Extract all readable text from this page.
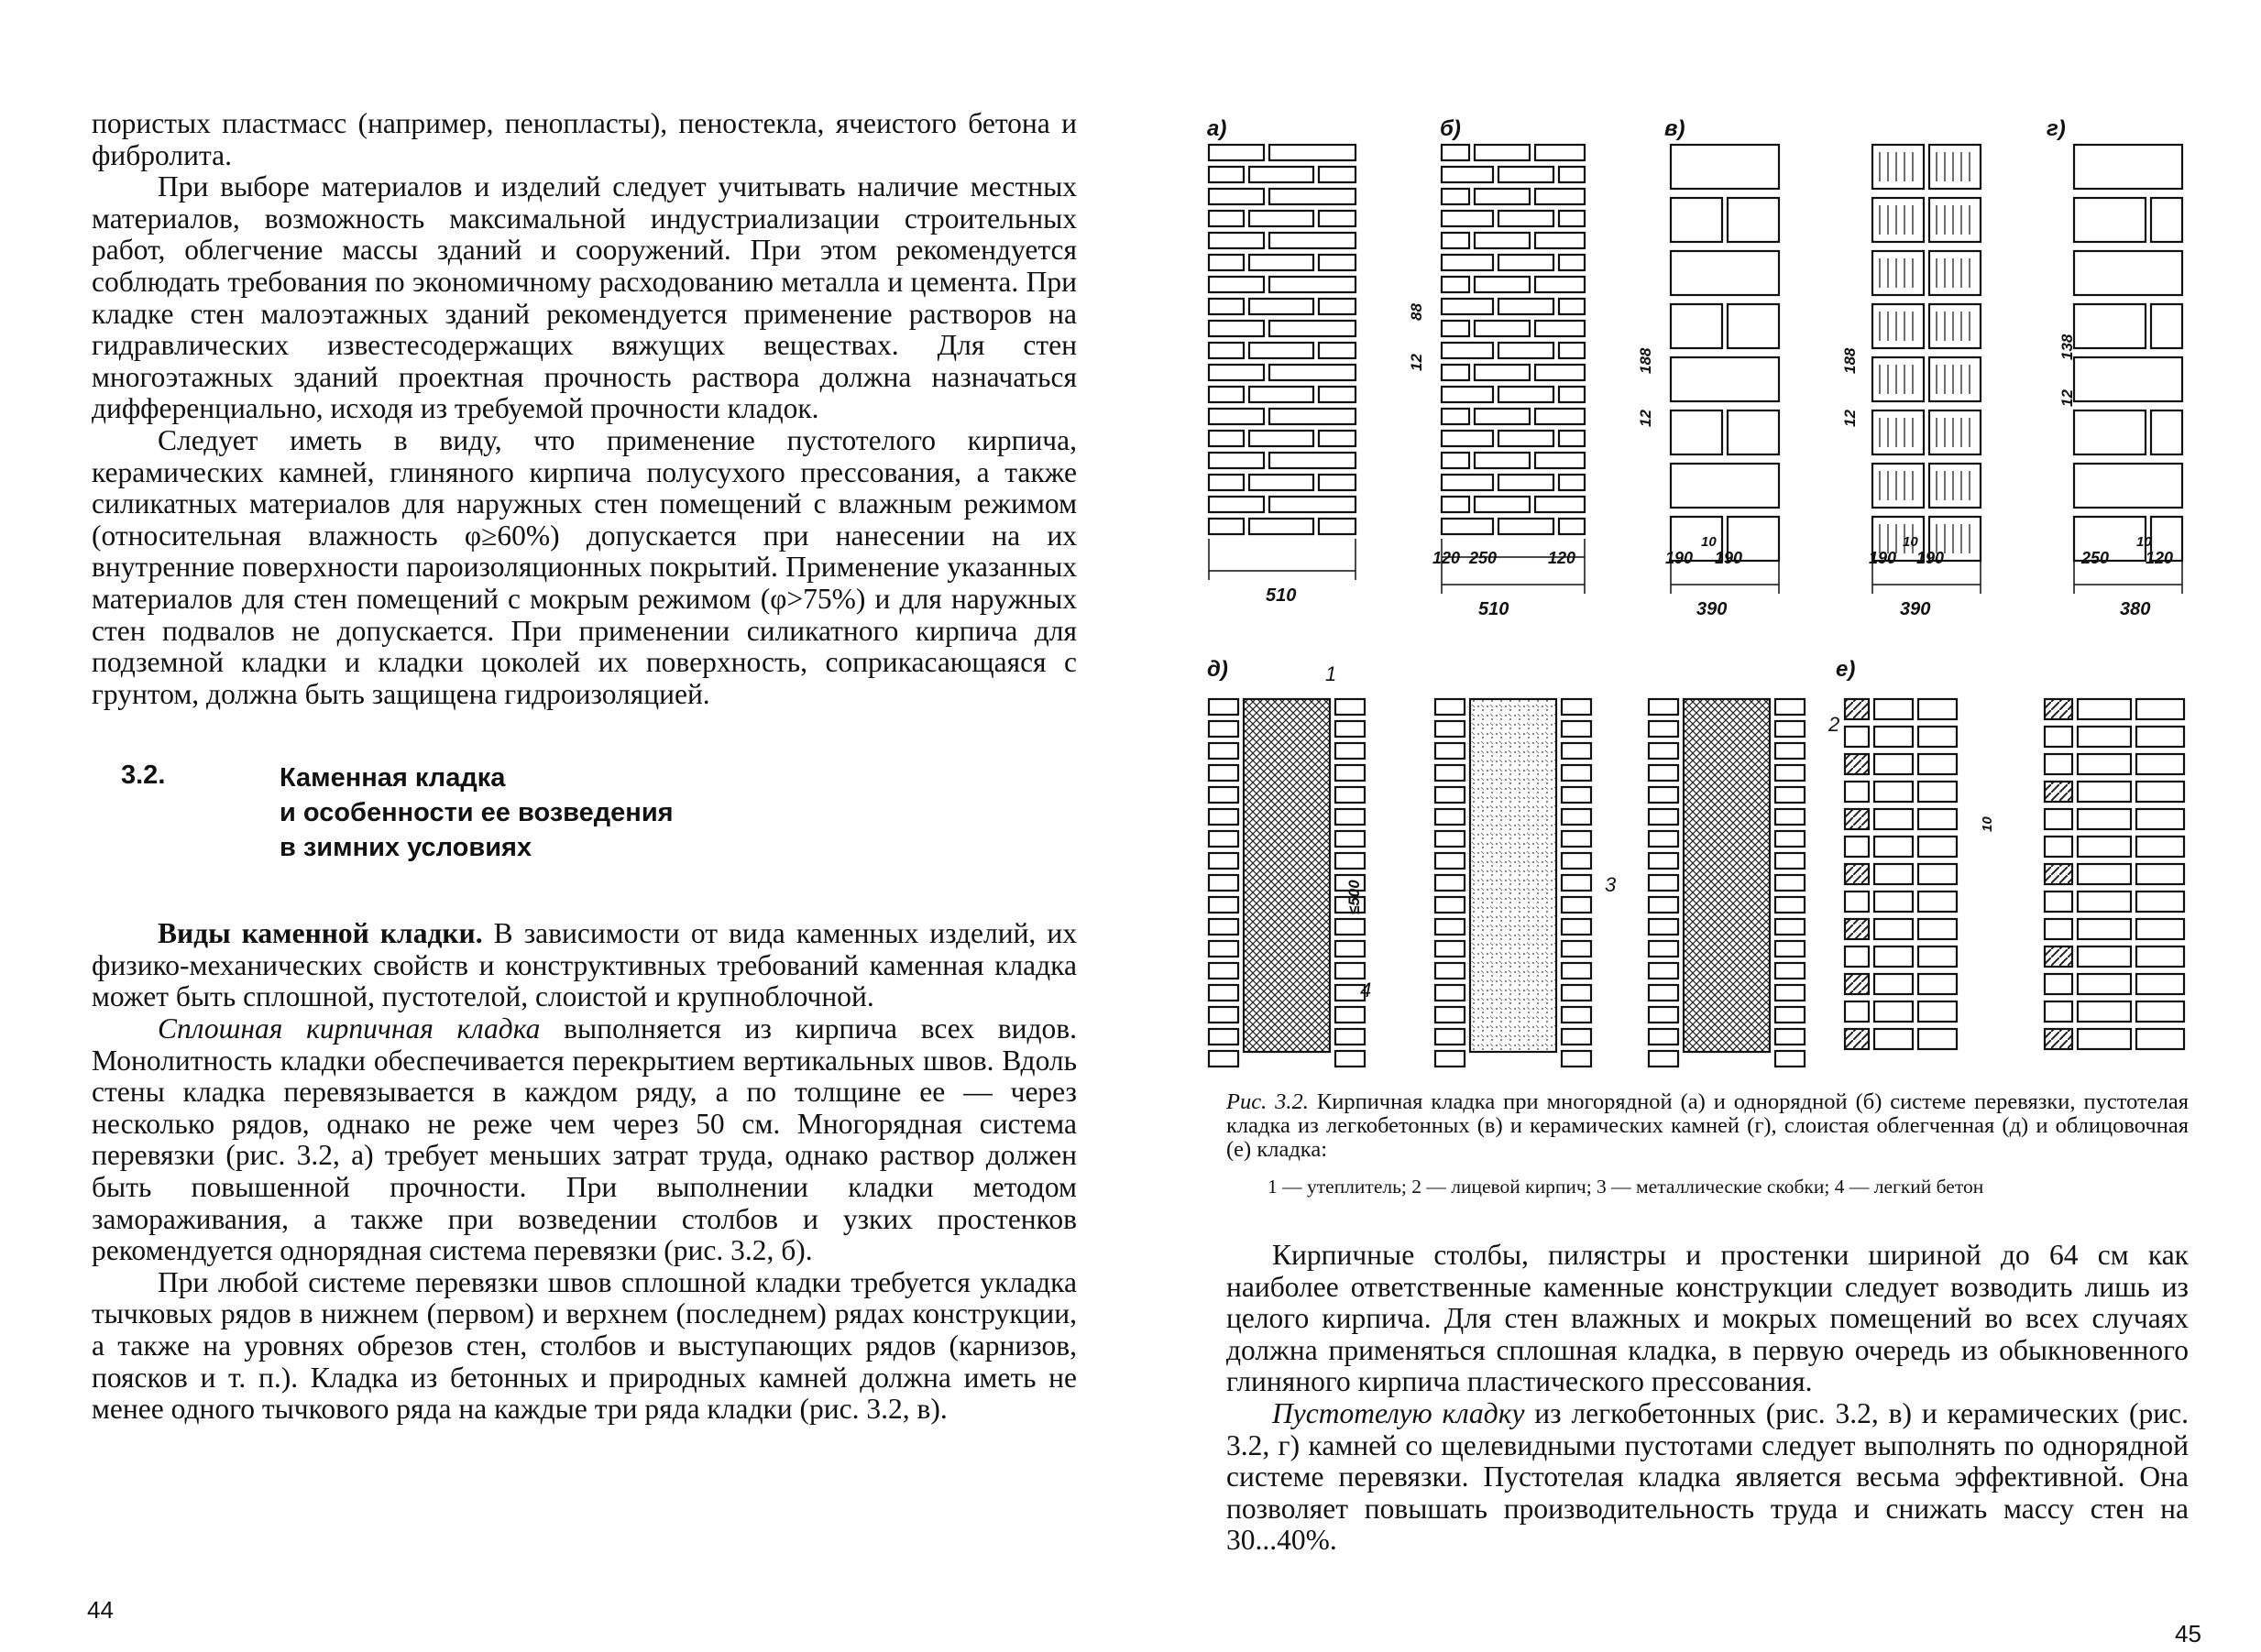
пористых пластмасс (например, пенопласты), пеностекла, ячеистого бетона и фибролита.

При выборе материалов и изделий следует учитывать наличие местных материалов, возможность максимальной индустриализации строительных работ, облегчение массы зданий и сооружений. При этом рекомендуется соблюдать требования по экономичному расходованию металла и цемента. При кладке стен малоэтажных зданий рекомендуется применение растворов на гидравлических известесодержащих вяжущих веществах. Для стен многоэтажных зданий проектная прочность раствора должна назначаться дифференциально, исходя из требуемой прочности кладок.

Следует иметь в виду, что применение пустотелого кирпича, керамических камней, глиняного кирпича полусухого прессования, а также силикатных материалов для наружных стен помещений с влажным режимом (относительная влажность φ≥60%) допускается при нанесении на их внутренние поверхности пароизоляционных покрытий. Применение указанных материалов для стен помещений с мокрым режимом (φ>75%) и для наружных стен подвалов не допускается. При применении силикатного кирпича для подземной кладки и кладки цоколей их поверхность, соприкасающаяся с грунтом, должна быть защищена гидроизоляцией.

3.2.	Каменная кладка
и особенности ее возведения
в зимних условиях

Виды каменной кладки. В зависимости от вида каменных изделий, их физико-механических свойств и конструктивных требований каменная кладка может быть сплошной, пустотелой, слоистой и крупноблочной.

Сплошная кирпичная кладка выполняется из кирпича всех видов. Монолитность кладки обеспечивается перекрытием вертикальных швов. Вдоль стены кладка перевязывается в каждом ряду, а по толщине ее — через несколько рядов, однако не реже чем через 50 см. Многорядная система перевязки (рис. 3.2, а) требует меньших затрат труда, однако раствор должен быть повышенной прочности. При выполнении кладки методом замораживания, а также при возведении столбов и узких простенков рекомендуется однорядная система перевязки (рис. 3.2, б).

При любой системе перевязки швов сплошной кладки требуется укладка тычковых рядов в нижнем (первом) и верхнем (последнем) рядах конструкции, а также на уровнях обрезов стен, столбов и выступающих рядов (карнизов, поясков и т. п.). Кладка из бетонных и природных камней должна иметь не менее одного тычкового ряда на каждые три ряда кладки (рис. 3.2, в).

44
а)	б)	в)	г)
д)	е)
510
120 250	120
510
190
10
190
390
190
10
190
390
250
10
120
380
88
12	188
12
188
12
138
12
≤500
10
1
2
3
4
Рис. 3.2. Кирпичная кладка при многорядной (а) и однорядной (б) системе перевязки, пустотелая кладка из легкобетонных (в) и керамических камней (г), слоистая облегченная (д) и облицовочная (е) кладка:
1 — утеплитель; 2 — лицевой кирпич; 3 — металлические скобки; 4 — легкий бетон

Кирпичные столбы, пилястры и простенки шириной до 64 см как наиболее ответственные каменные конструкции следует возводить лишь из целого кирпича. Для стен влажных и мокрых помещений во всех случаях должна применяться сплошная кладка, в первую очередь из обыкновенного глиняного кирпича пластического прессования.

Пустотелую кладку из легкобетонных (рис. 3.2, в) и керамических (рис. 3.2, г) камней со щелевидными пустотами следует выполнять по однорядной системе перевязки. Пустотелая кладка является весьма эффективной. Она позволяет повышать производительность труда и снижать массу стен на 30...40%.

45
